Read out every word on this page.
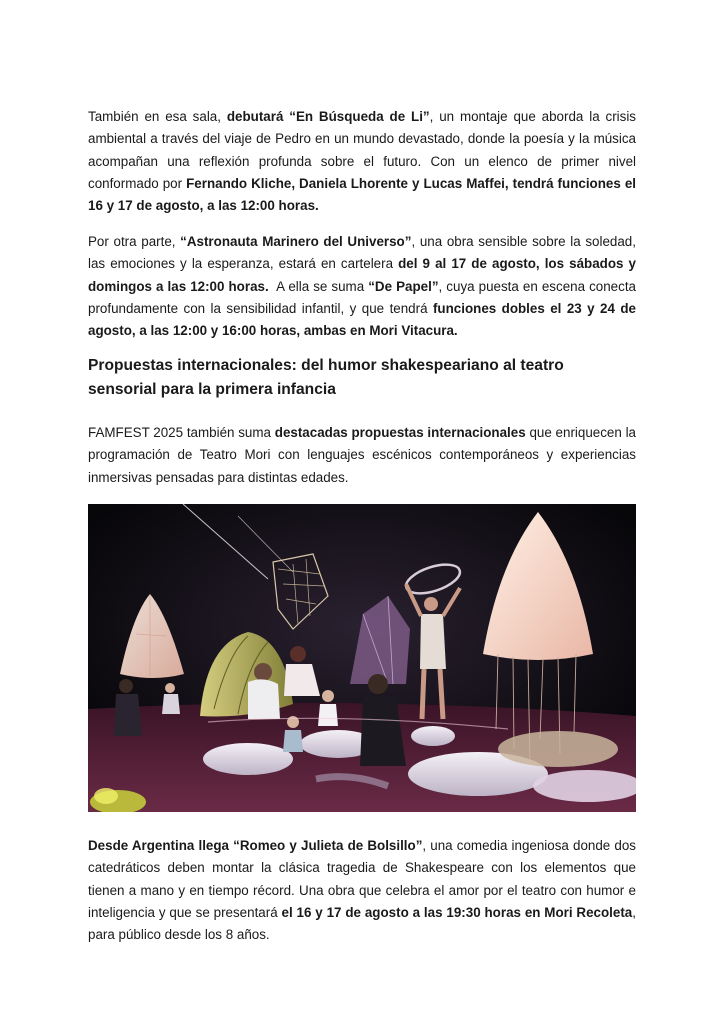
También en esa sala, debutará “En Búsqueda de Li”, un montaje que aborda la crisis ambiental a través del viaje de Pedro en un mundo devastado, donde la poesía y la música acompañan una reflexión profunda sobre el futuro. Con un elenco de primer nivel conformado por Fernando Kliche, Daniela Lhorente y Lucas Maffei, tendrá funciones el 16 y 17 de agosto, a las 12:00 horas.

Por otra parte, “Astronauta Marinero del Universo”, una obra sensible sobre la soledad, las emociones y la esperanza, estará en cartelera del 9 al 17 de agosto, los sábados y domingos a las 12:00 horas.  A ella se suma “De Papel”, cuya puesta en escena conecta profundamente con la sensibilidad infantil, y que tendrá funciones dobles el 23 y 24 de agosto, a las 12:00 y 16:00 horas, ambas en Mori Vitacura.

Propuestas internacionales: del humor shakespeariano al teatro sensorial para la primera infancia

FAMFEST 2025 también suma destacadas propuestas internacionales que enriquecen la programación de Teatro Mori con lenguajes escénicos contemporáneos y experiencias inmersivas pensadas para distintas edades.

Desde Argentina llega “Romeo y Julieta de Bolsillo”, una comedia ingeniosa donde dos catedráticos deben montar la clásica tragedia de Shakespeare con los elementos que tienen a mano y en tiempo récord. Una obra que celebra el amor por el teatro con humor e inteligencia y que se presentará el 16 y 17 de agosto a las 19:30 horas en Mori Recoleta, para público desde los 8 años.
